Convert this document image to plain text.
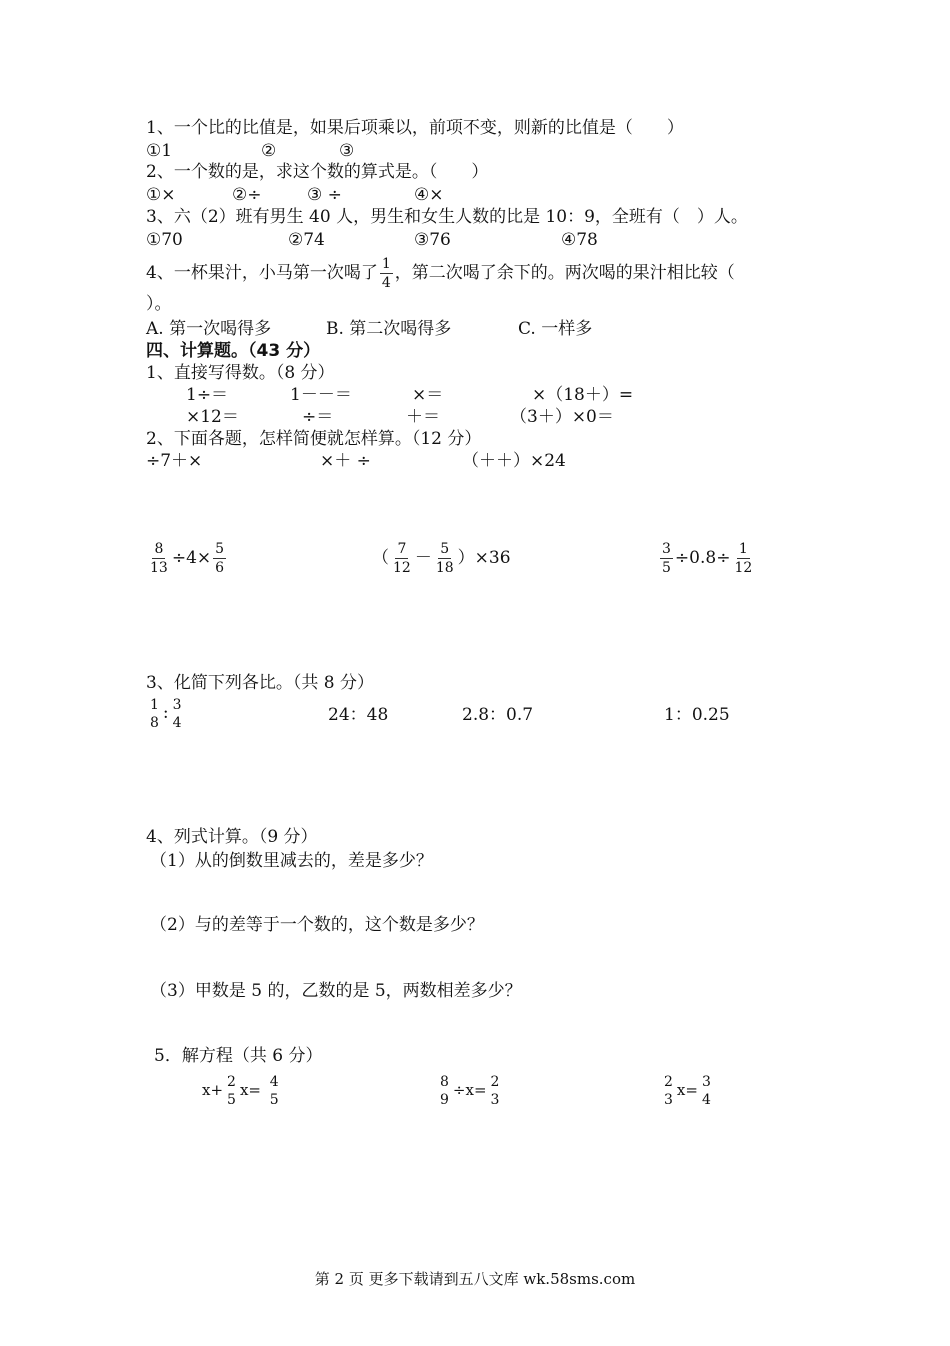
1、一个比的比值是，如果后项乘以，前项不变，则新的比值是（　　）
①1	②	③
2、一个数的是，求这个数的算式是。（　　）
①×	②÷	③ ÷	④×
3、六（2）班有男生 40 人，男生和女生人数的比是 10：9，全班有（　）人。
①70	②74	③76	④78
4、一杯果汁，小马第一次喝了 $\frac{1}{4}$ ，第二次喝了余下的。两次喝的果汁相比较（
）。
A. 第一次喝得多	B. 第二次喝得多	C. 一样多
四、计算题。（43 分）
1、直接写得数。（8 分）
1÷＝	1－－＝	×＝	×（18＋）=
×12＝	÷＝	＋＝	（3＋）×0＝
2、下面各题，怎样简便就怎样算。（12 分）
÷7＋×	×＋ ÷	（＋＋）×24
$\frac{8}{13} \div 4\times \frac{5}{6}$	（ $\frac{7}{12} - \frac{5}{18} )\times 36$	$\frac{3}{5} \div 0.8\div \frac{1}{12}$
3、化简下列各比。（共 8 分）
1
8 : 3
4	24：48	2.8：0.7	1：0.25
4、列式计算。（9 分）
（1）从的倒数里减去的，差是多少？
（2）与的差等于一个数的，这个数是多少？
（3）甲数是 5 的，乙数的是 5，两数相差多少？
5．解方程（共 6 分）
x+ 2
5
x= 4
5
8
9
÷x= 2
3
2
3
x= 3
4
第 2 页 更多下载请到五八文库 wk.58sms.com
